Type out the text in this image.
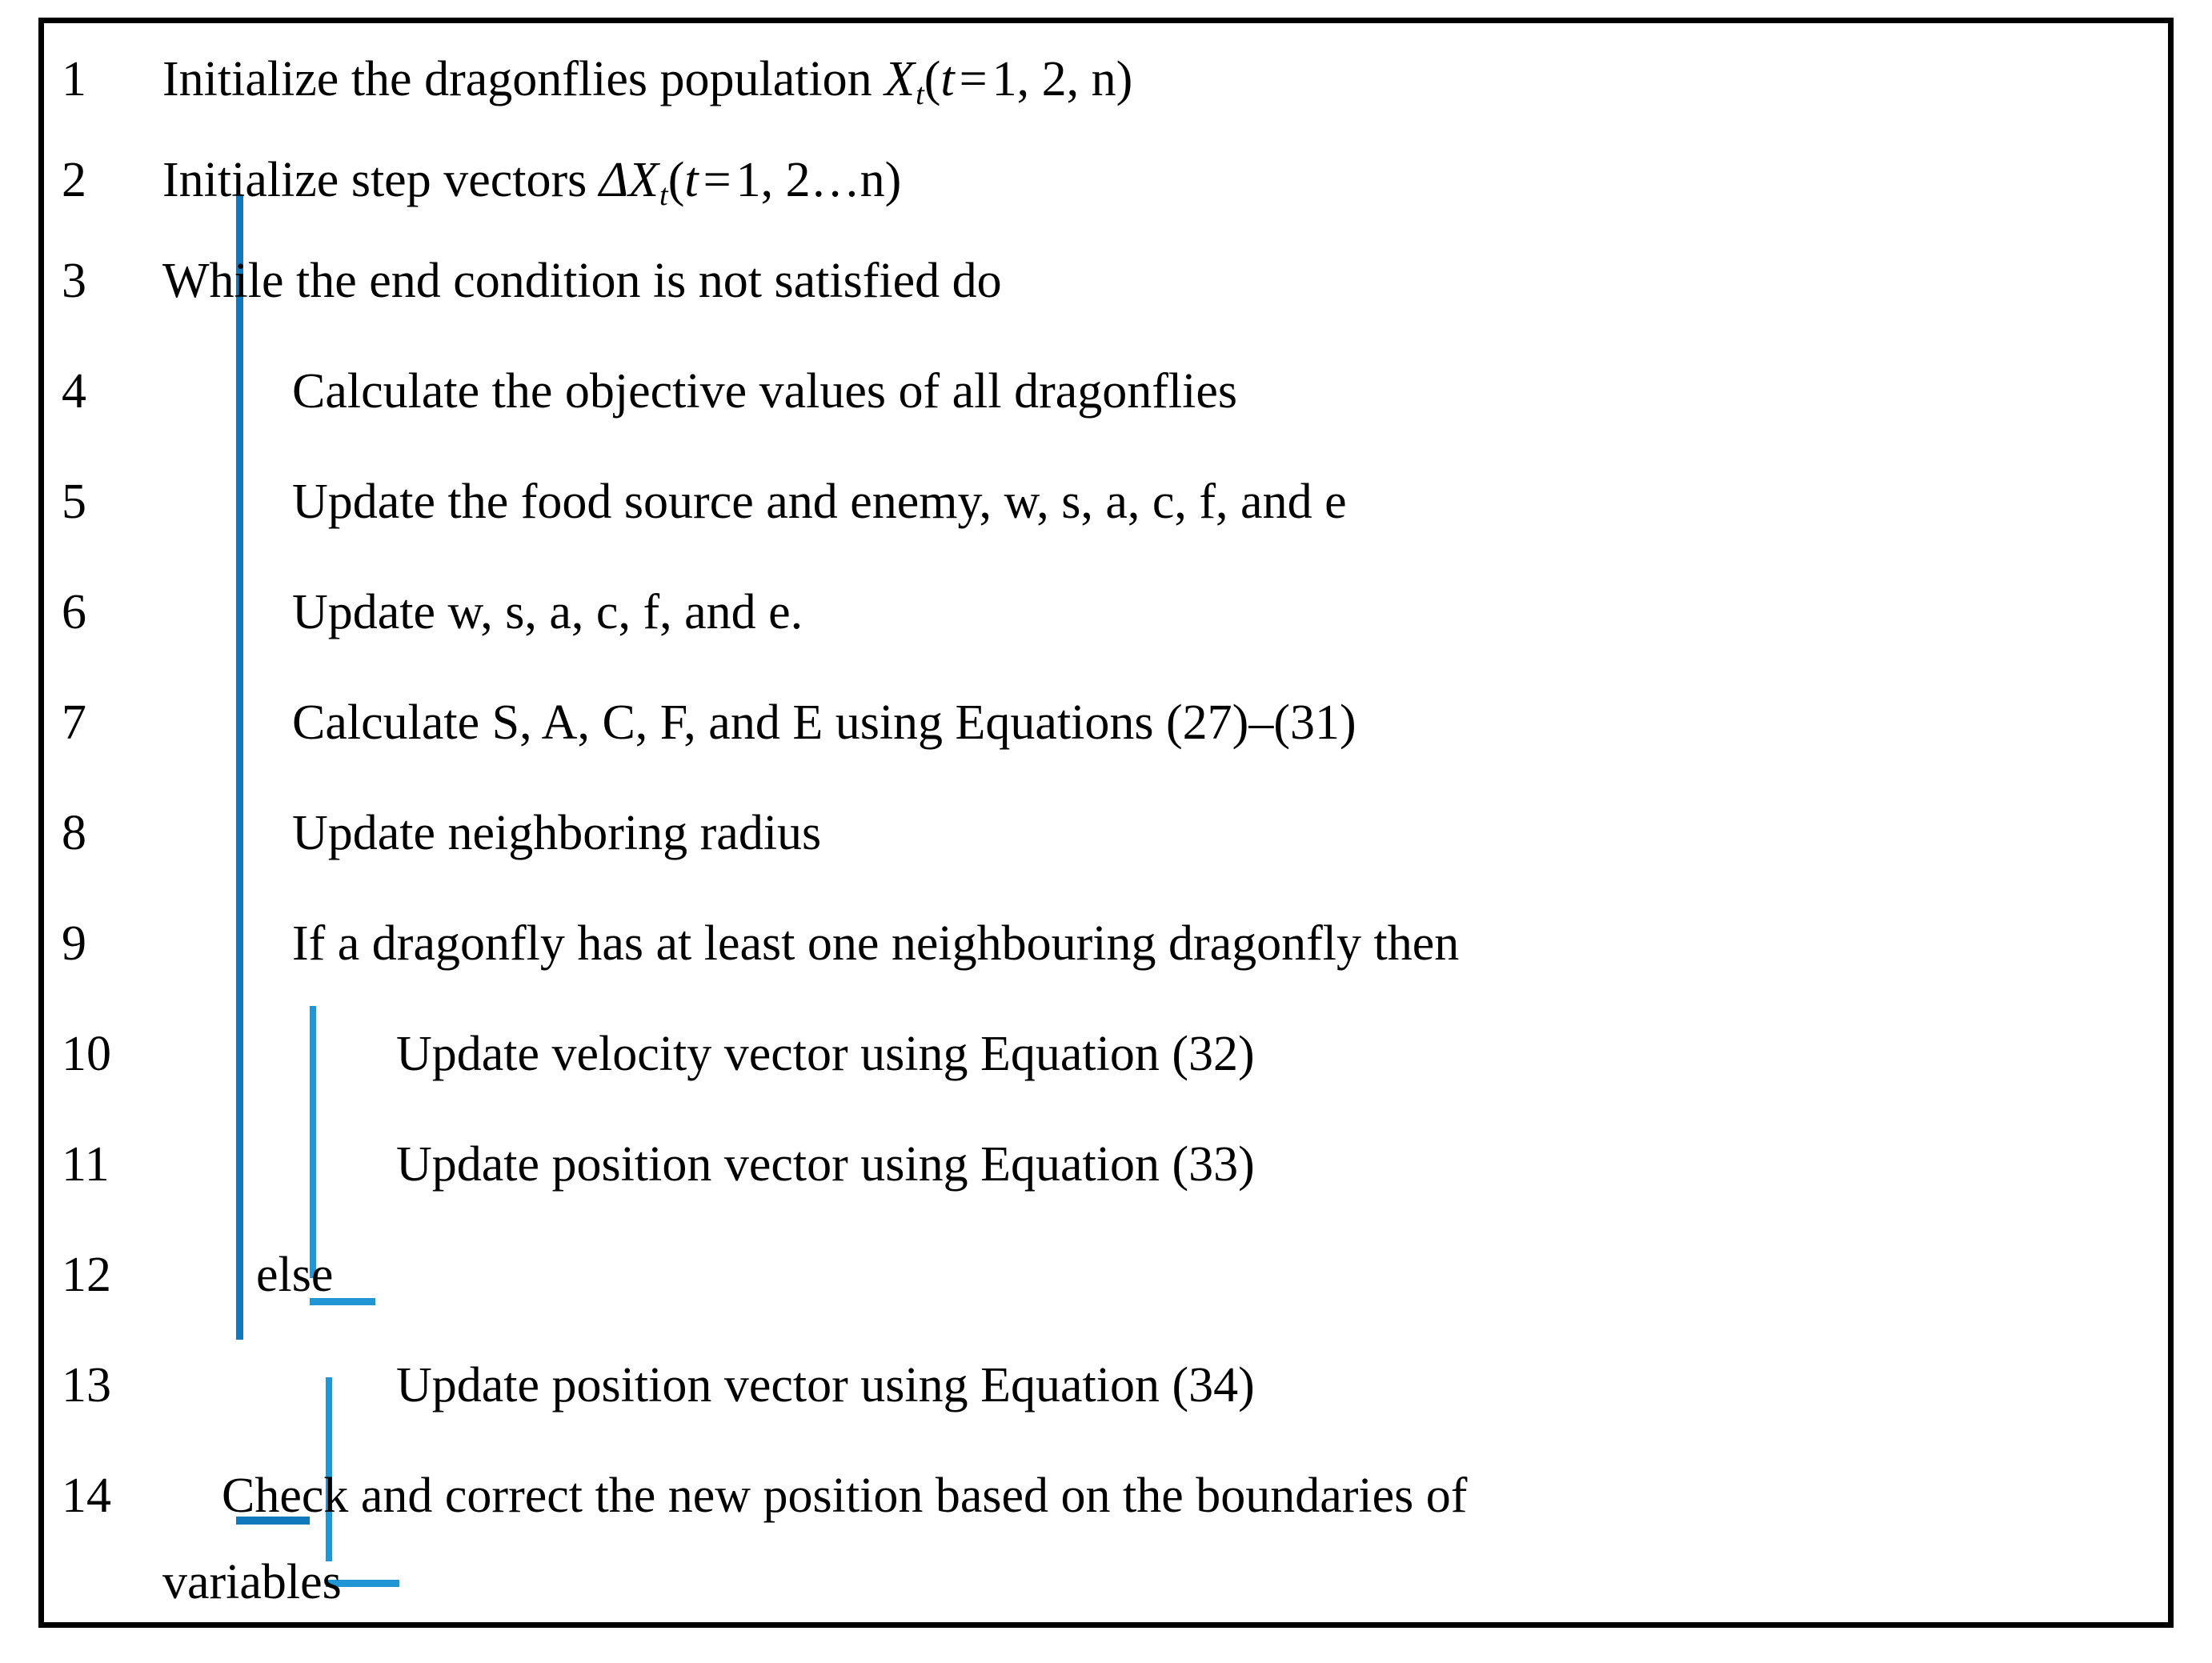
1	Initialize the dragonflies population $X_t(t=1$, 2, n)
2	Initialize step vectors $\Delta X_t(t=1$, 2…n)
3	While the end condition is not satisfied do
4	Calculate the objective values of all dragonflies
5	Update the food source and enemy, w, s, a, c, f, and e
6	Update w, s, a, c, f, and e.
7	Calculate S, A, C, F, and E using Equations (27)–(31)
8	Update neighboring radius
9	If a dragonfly has at least one neighbouring dragonfly then
10	Update velocity vector using Equation (32)
11	Update position vector using Equation (33)
12	else
13	Update position vector using Equation (34)
14	Check and correct the new position based on the boundaries of
variables
